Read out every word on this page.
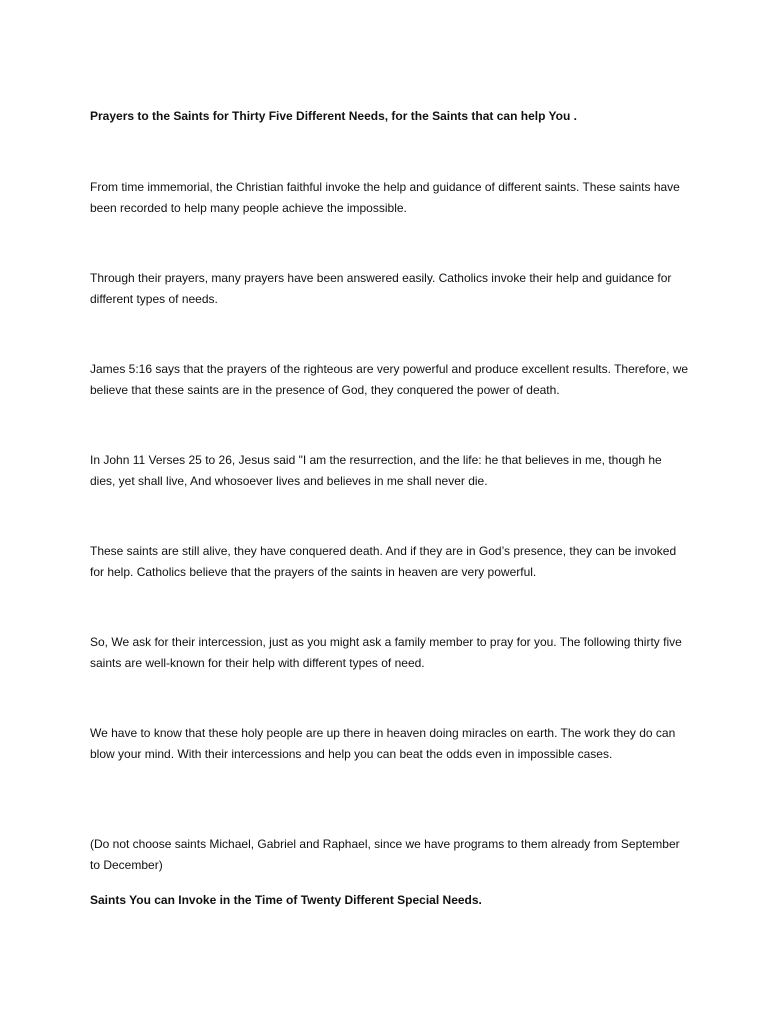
Prayers to the Saints for Thirty Five Different Needs, for the Saints that can help You .

From time immemorial, the Christian faithful invoke the help and guidance of different saints. These saints have been recorded to help many people achieve the impossible.

Through their prayers, many prayers have been answered easily. Catholics invoke their help and guidance for different types of needs.

James 5:16 says that the prayers of the righteous are very powerful and produce excellent results. Therefore, we believe that these saints are in the presence of God, they conquered the power of death.

In John 11 Verses 25 to 26, Jesus said "I am the resurrection, and the life: he that believes in me, though he dies, yet shall live, And whosoever lives and believes in me shall never die.

These saints are still alive, they have conquered death. And if they are in God’s presence, they can be invoked for help. Catholics believe that the prayers of the saints in heaven are very powerful.

So, We ask for their intercession, just as you might ask a family member to pray for you. The following thirty five saints are well-known for their help with different types of need.

We have to know that these holy people are up there in heaven doing miracles on earth. The work they do can blow your mind. With their intercessions and help you can beat the odds even in impossible cases.

(Do not choose saints Michael, Gabriel and Raphael, since we have programs to them already from September to December)

Saints You can Invoke in the Time of Twenty Different Special Needs.
